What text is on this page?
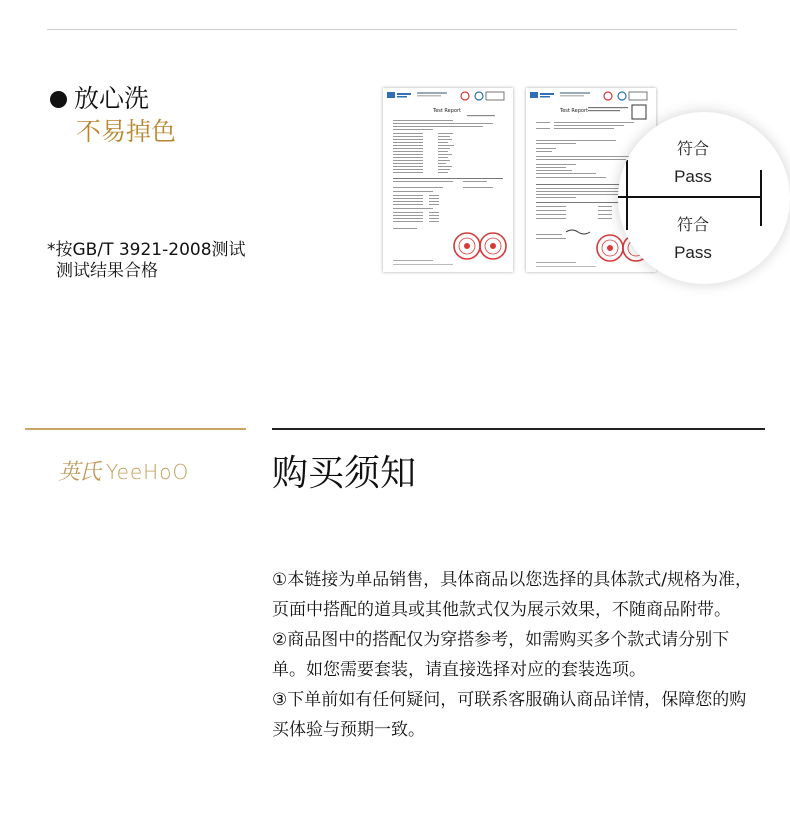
放心洗
不易掉色
*按GB/T 3921-2008测试
测试结果合格
Test Report	Test Report
符合
Pass
符合
Pass
英氏 YeeHoO 购买须知

①本链接为单品销售，具体商品以您选择的具体款式/规格为准，页面中搭配的道具或其他款式仅为展示效果，不随商品附带。

②商品图中的搭配仅为穿搭参考，如需购买多个款式请分别下单。如您需要套装，请直接选择对应的套装选项。

③下单前如有任何疑问，可联系客服确认商品详情，保障您的购买体验与预期一致。
